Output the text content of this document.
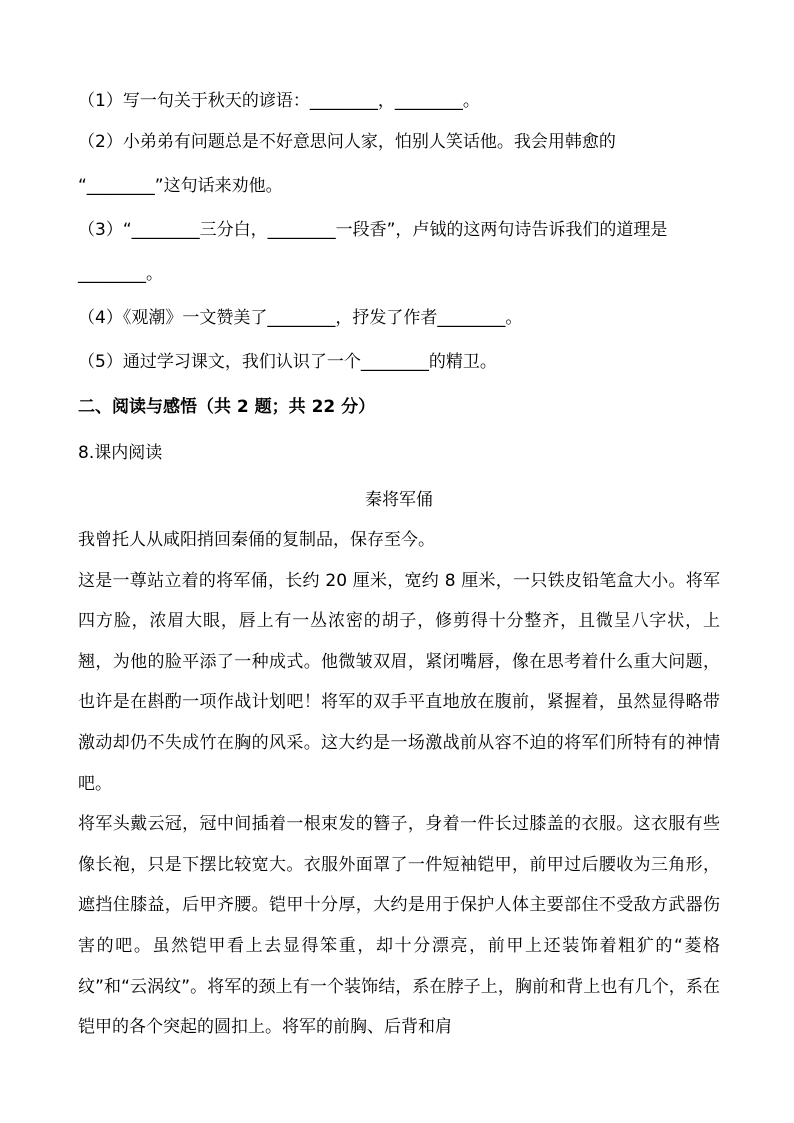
（1）写一句关于秋天的谚语：________，________。

（2）小弟弟有问题总是不好意思问人家，怕别人笑话他。我会用韩愈的

“________”这句话来劝他。

（3）“________三分白，________一段香”，卢钺的这两句诗告诉我们的道理是

________。

（4）《观潮》一文赞美了________，抒发了作者________。

（5）通过学习课文，我们认识了一个________的精卫。

二、阅读与感悟（共 2 题；共 22 分）

8.课内阅读

秦将军俑

我曾托人从咸阳捎回秦俑的复制品，保存至今。

这是一尊站立着的将军俑，长约 20 厘米，宽约 8 厘米，一只铁皮铅笔盒大小。将军四方脸，浓眉大眼，唇上有一丛浓密的胡子，修剪得十分整齐，且微呈八字状，上翘，为他的脸平添了一种成式。他微皱双眉，紧闭嘴唇，像在思考着什么重大问题，也许是在斟酌一项作战计划吧！将军的双手平直地放在腹前，紧握着，虽然显得略带激动却仍不失成竹在胸的风采。这大约是一场激战前从容不迫的将军们所特有的神情吧。

将军头戴云冠，冠中间插着一根束发的簪子，身着一件长过膝盖的衣服。这衣服有些像长袍，只是下摆比较宽大。衣服外面罩了一件短袖铠甲，前甲过后腰收为三角形，遮挡住膝益，后甲齐腰。铠甲十分厚，大约是用于保护人体主要部住不受敌方武器伤害的吧。虽然铠甲看上去显得笨重，却十分漂亮，前甲上还装饰着粗犷的“菱格纹”和“云涡纹”。将军的颈上有一个装饰结，系在脖子上，胸前和背上也有几个，系在铠甲的各个突起的圆扣上。将军的前胸、后背和肩
